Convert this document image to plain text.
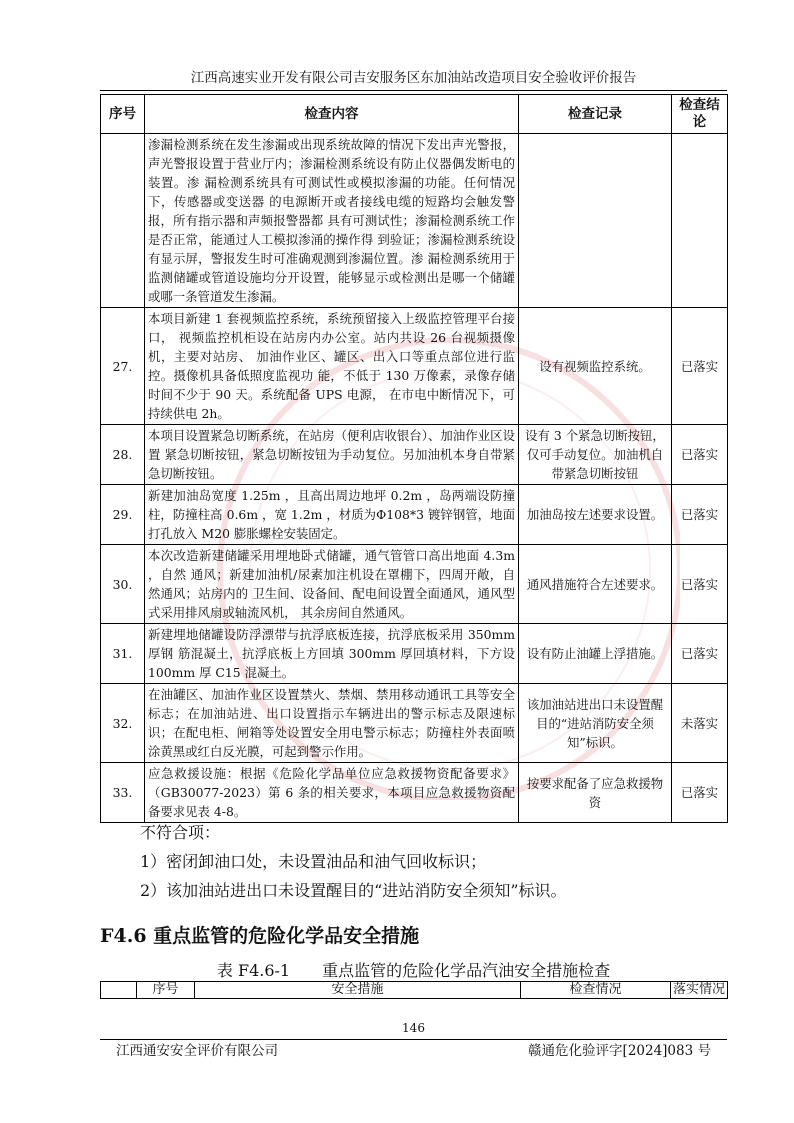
江西高速实业开发有限公司吉安服务区东加油站改造项目安全验收评价报告
序号	检查内容	检查记录	检查结论
	渗漏检测系统在发生渗漏或出现系统故障的情况下发出声光警报， 声光警报设置于营业厅内；渗漏检测系统设有防止仪器偶发断电的装置。渗 漏检测系统具有可测试性或模拟渗漏的功能。任何情况下，传感器或变送器 的电源断开或者接线电缆的短路均会触发警报，所有指示器和声频报警器都 具有可测试性；渗漏检测系统工作是否正常，能通过人工模拟渗涌的操作得 到验证；渗漏检测系统设有显示屏，警报发生时可准确观测到渗漏位置。渗 漏检测系统用于监测储罐或管道设施均分开设置，能够显示或检测出是哪一个储罐或哪一条管道发生渗漏。		
27.	本项目新建 1 套视频监控系统，系统预留接入上级监控管理平台接口， 视频监控机柜设在站房内办公室。站内共设 26 台视频摄像机，主要对站房、 加油作业区、罐区、出入口等重点部位进行监控。摄像机具备低照度监视功 能，不低于 130 万像素，录像存储时间不少于 90 天。系统配备 UPS 电源， 在市电中断情况下，可持续供电 2h。	设有视频监控系统。	已落实
28.	本项目设置紧急切断系统，在站房（便利店收银台）、加油作业区设置 紧急切断按钮，紧急切断按钮为手动复位。另加油机本身自带紧急切断按钮。	设有 3 个紧急切断按钮，仅可手动复位。加油机自带紧急切断按钮	已落实
29.	新建加油岛宽度 1.25m ，且高出周边地坪 0.2m ，岛两端设防撞柱，防撞柱高 0.6m ，宽 1.2m ，材质为Φ108*3 镀锌钢管，地面打孔放入 M20 膨胀螺栓安装固定。	加油岛按左述要求设置。	已落实
30.	本次改造新建储罐采用埋地卧式储罐，通气管管口高出地面 4.3m ，自然 通风；新建加油机/尿素加注机设在罩棚下，四周开敞，自然通风；站房内的 卫生间、设备间、配电间设置全面通风，通风型式采用排风扇或轴流风机， 其余房间自然通风。	通风措施符合左述要求。	已落实
31.	新建埋地储罐设防浮漂带与抗浮底板连接，抗浮底板采用 350mm 厚钢 筋混凝土，抗浮底板上方回填 300mm 厚回填材料，下方设 100mm 厚 C15 混凝土。	设有防止油罐上浮措施。	已落实
32.	在油罐区、加油作业区设置禁火、禁烟、禁用移动通讯工具等安全标志；在加油站进、出口设置指示车辆进出的警示标志及限速标识；在配电柜、闸箱等处设置安全用电警示标志；防撞柱外表面喷涂黄黑或红白反光膜，可起到警示作用。	该加油站进出口未设置醒目的“进站消防安全须知”标识。	未落实
33.	应急救援设施：根据《危险化学品单位应急救援物资配备要求》（GB30077-2023）第 6 条的相关要求，本项目应急救援物资配备要求见表 4-8。	按要求配备了应急救援物资	已落实

不符合项：

1）密闭卸油口处，未设置油品和油气回收标识；

2）该加油站进出口未设置醒目的“进站消防安全须知”标识。

F4.6 重点监管的危险化学品安全措施
表 F4.6-1　　重点监管的危险化学品汽油安全措施检查
	序号	安全措施	检查情况	落实情况
146
江西通安安全评价有限公司	赣通危化验评字[2024]083 号
